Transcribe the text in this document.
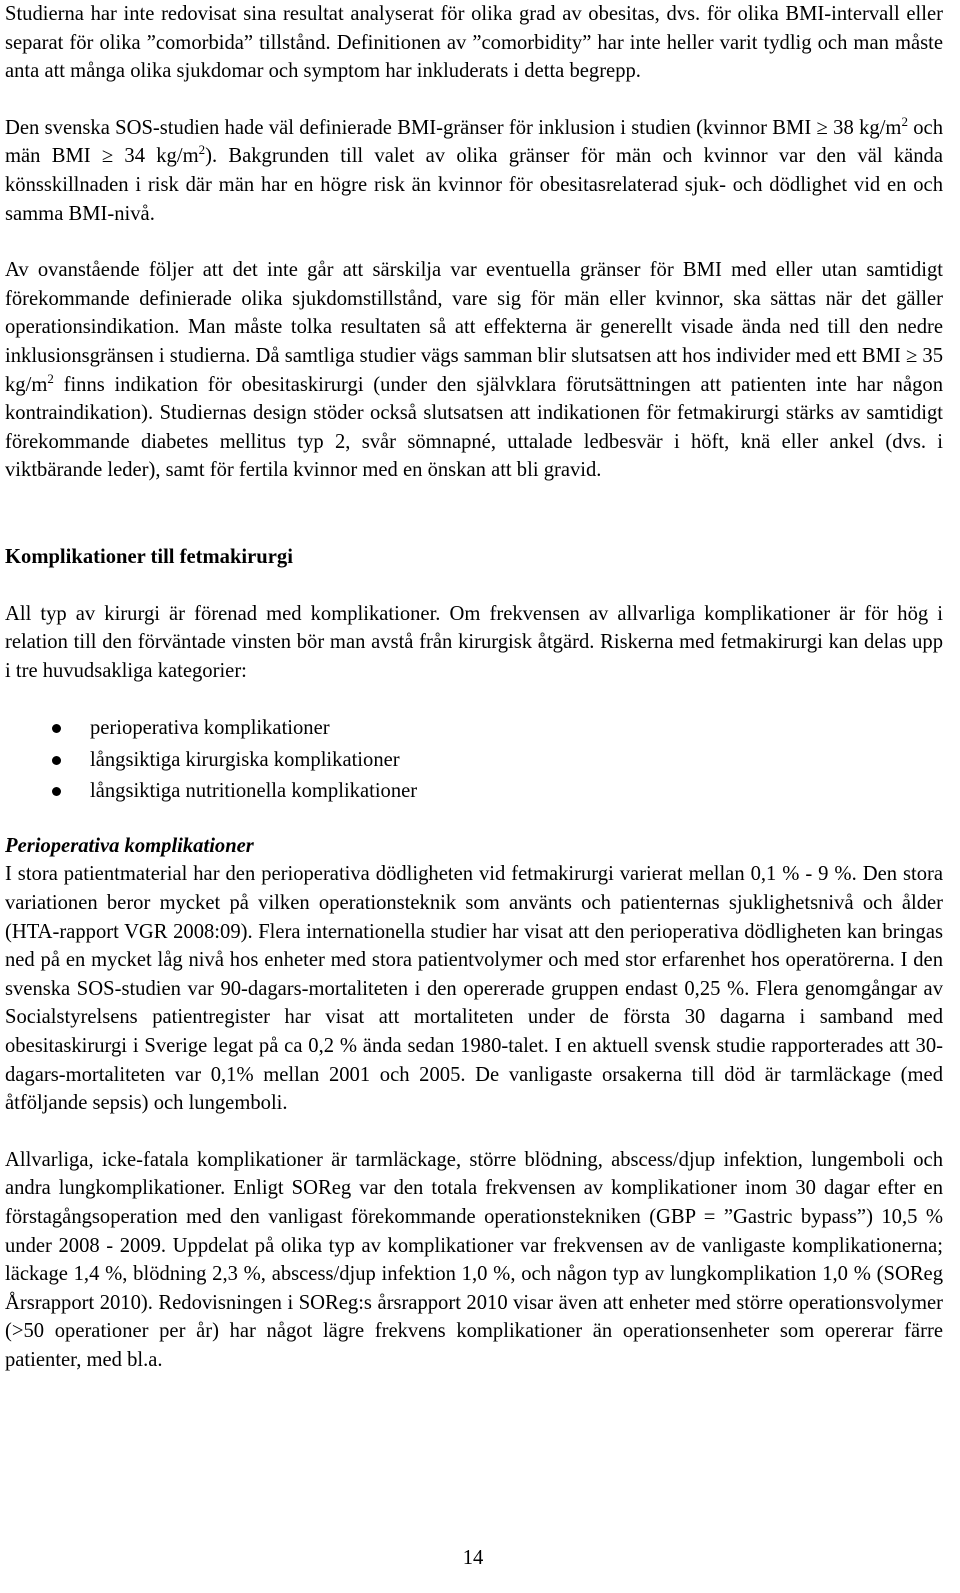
Studierna har inte redovisat sina resultat analyserat för olika grad av obesitas, dvs. för olika BMI-intervall eller separat för olika ”comorbida” tillstånd. Definitionen av ”comorbidity” har inte heller varit tydlig och man måste anta att många olika sjukdomar och symptom har inkluderats i detta begrepp.

Den svenska SOS-studien hade väl definierade BMI-gränser för inklusion i studien (kvinnor BMI ≥ 38 $kg/m^2$ och män BMI ≥ 34 $kg/m^2$). Bakgrunden till valet av olika gränser för män och kvinnor var den väl kända könsskillnaden i risk där män har en högre risk än kvinnor för obesitasrelaterad sjuk- och dödlighet vid en och samma BMI-nivå.

Av ovanstående följer att det inte går att särskilja var eventuella gränser för BMI med eller utan samtidigt förekommande definierade olika sjukdomstillstånd, vare sig för män eller kvinnor, ska sättas när det gäller operationsindikation. Man måste tolka resultaten så att effekterna är generellt visade ända ned till den nedre inklusionsgränsen i studierna. Då samtliga studier vägs samman blir slutsatsen att hos individer med ett BMI ≥ 35 $kg/m^2$ finns indikation för obesitaskirurgi (under den självklara förutsättningen att patienten inte har någon kontraindikation). Studiernas design stöder också slutsatsen att indikationen för fetmakirurgi stärks av samtidigt förekommande diabetes mellitus typ 2, svår sömnapné, uttalade ledbesvär i höft, knä eller ankel (dvs. i viktbärande leder), samt för fertila kvinnor med en önskan att bli gravid.

Komplikationer till fetmakirurgi

All typ av kirurgi är förenad med komplikationer. Om frekvensen av allvarliga komplikationer är för hög i relation till den förväntade vinsten bör man avstå från kirurgisk åtgärd. Riskerna med fetmakirurgi kan delas upp i tre huvudsakliga kategorier:

perioperativa komplikationer
långsiktiga kirurgiska komplikationer
långsiktiga nutritionella komplikationer
Perioperativa komplikationer

I stora patientmaterial har den perioperativa dödligheten vid fetmakirurgi varierat mellan 0,1 % - 9 %. Den stora variationen beror mycket på vilken operationsteknik som använts och patienternas sjuklighetsnivå och ålder (HTA-rapport VGR 2008:09). Flera internationella studier har visat att den perioperativa dödligheten kan bringas ned på en mycket låg nivå hos enheter med stora patientvolymer och med stor erfarenhet hos operatörerna. I den svenska SOS-studien var 90-dagars-mortaliteten i den opererade gruppen endast 0,25 %. Flera genomgångar av Socialstyrelsens patientregister har visat att mortaliteten under de första 30 dagarna i samband med obesitaskirurgi i Sverige legat på ca 0,2 % ända sedan 1980-talet. I en aktuell svensk studie rapporterades att 30-dagars-mortaliteten var 0,1% mellan 2001 och 2005. De vanligaste orsakerna till död är tarmläckage (med åtföljande sepsis) och lungemboli.

Allvarliga, icke-fatala komplikationer är tarmläckage, större blödning, abscess/djup infektion, lungemboli och andra lungkomplikationer. Enligt SOReg var den totala frekvensen av komplikationer inom 30 dagar efter en förstagångsoperation med den vanligast förekommande operationstekniken (GBP = ”Gastric bypass”) 10,5 % under 2008 - 2009. Uppdelat på olika typ av komplikationer var frekvensen av de vanligaste komplikationerna; läckage 1,4 %, blödning 2,3 %, abscess/djup infektion 1,0 %, och någon typ av lungkomplikation 1,0 % (SOReg Årsrapport 2010). Redovisningen i SOReg:s årsrapport 2010 visar även att enheter med större operationsvolymer (>50 operationer per år) har något lägre frekvens komplikationer än operationsenheter som opererar färre patienter, med bl.a.

14
